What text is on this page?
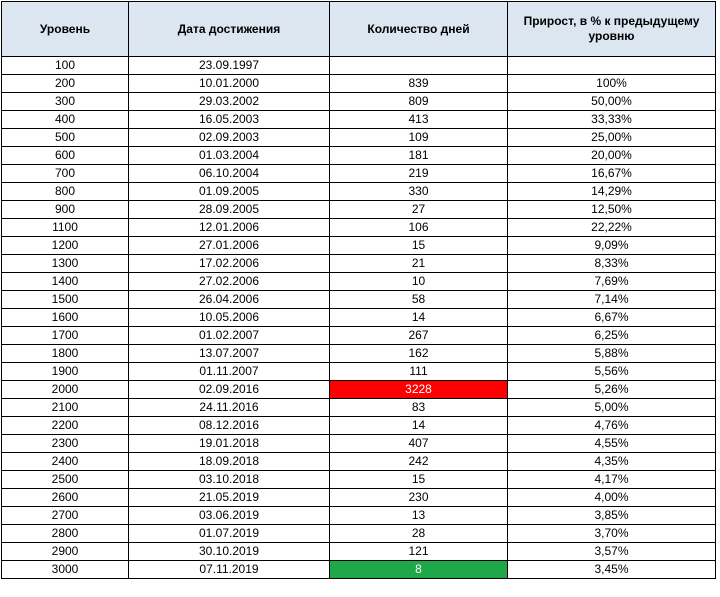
Уровень	Дата достижения	Количество дней	Прирост, в % к предыдущему уровню
100	23.09.1997		
200	10.01.2000	839	100%
300	29.03.2002	809	50,00%
400	16.05.2003	413	33,33%
500	02.09.2003	109	25,00%
600	01.03.2004	181	20,00%
700	06.10.2004	219	16,67%
800	01.09.2005	330	14,29%
900	28.09.2005	27	12,50%
1100	12.01.2006	106	22,22%
1200	27.01.2006	15	9,09%
1300	17.02.2006	21	8,33%
1400	27.02.2006	10	7,69%
1500	26.04.2006	58	7,14%
1600	10.05.2006	14	6,67%
1700	01.02.2007	267	6,25%
1800	13.07.2007	162	5,88%
1900	01.11.2007	111	5,56%
2000	02.09.2016	3228	5,26%
2100	24.11.2016	83	5,00%
2200	08.12.2016	14	4,76%
2300	19.01.2018	407	4,55%
2400	18.09.2018	242	4,35%
2500	03.10.2018	15	4,17%
2600	21.05.2019	230	4,00%
2700	03.06.2019	13	3,85%
2800	01.07.2019	28	3,70%
2900	30.10.2019	121	3,57%
3000	07.11.2019	8	3,45%
